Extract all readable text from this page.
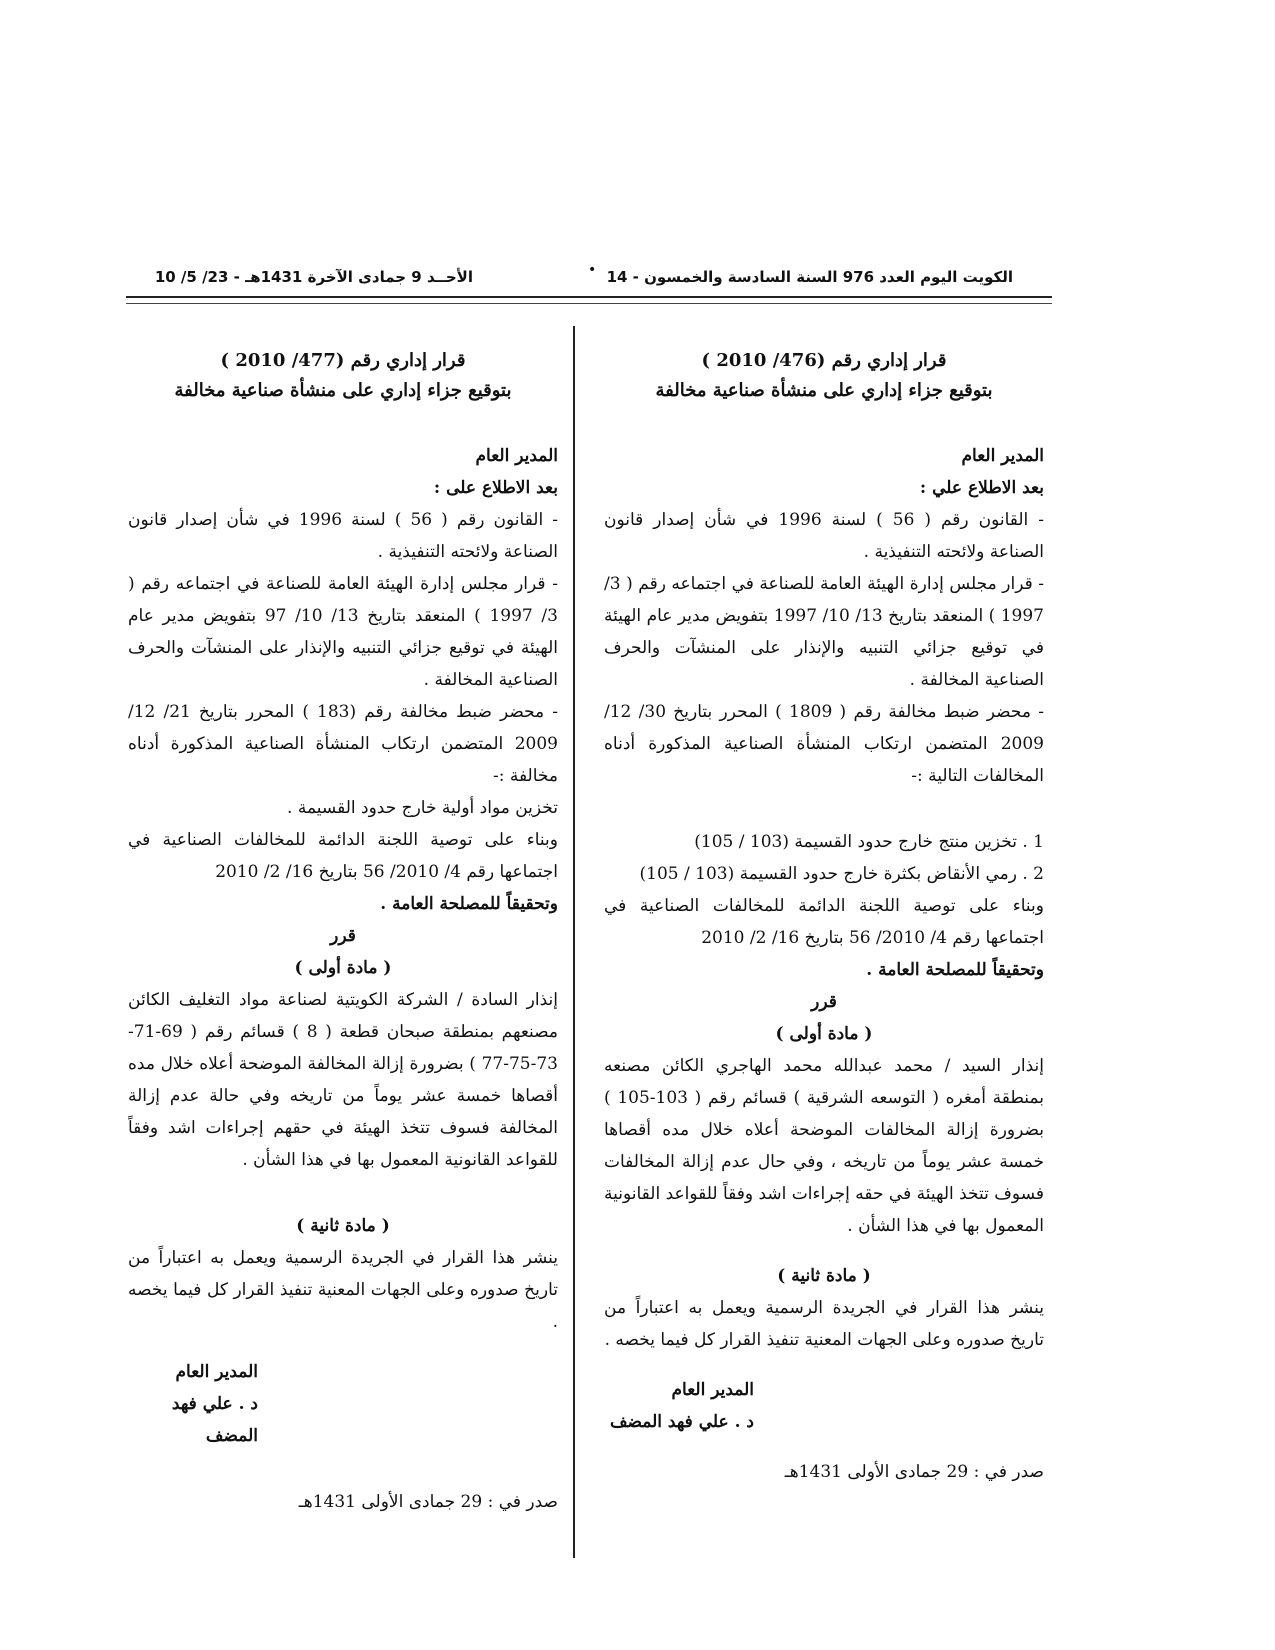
الكويت اليوم العدد 976 السنة السادسة والخمسون - 14
•
الأحــد 9 جمادى الآخرة 1431هـ - 23/ 5/ 10
قرار إداري رقم (476/ 2010 )
بتوقيع جزاء إداري على منشأة صناعية مخالفة
المدير العام
بعد الاطلاع علي :

- القانون رقم ( 56 ) لسنة 1996 في شأن إصدار قانون الصناعة ولائحته التنفيذية .

- قرار مجلس إدارة الهيئة العامة للصناعة في اجتماعه رقم ( 3/ 1997 ) المنعقد بتاريخ 13/ 10/ 1997 بتفويض مدير عام الهيئة في توقيع جزائي التنبيه والإنذار على المنشآت والحرف الصناعية المخالفة .

- محضر ضبط مخالفة رقم ( 1809 ) المحرر بتاريخ 30/ 12/ 2009 المتضمن ارتكاب المنشأة الصناعية المذكورة أدناه المخالفات التالية :-

1 . تخزين منتج خارج حدود القسيمة (103 / 105)
2 . رمي الأنقاض بكثرة خارج حدود القسيمة (103 / 105)

وبناء على توصية اللجنة الدائمة للمخالفات الصناعية في اجتماعها رقم 4/ 2010/ 56 بتاريخ 16/ 2/ 2010

وتحقيقاً للمصلحة العامة .
قرر
( مادة أولى )

إنذار السيد / محمد عبدالله محمد الهاجري الكائن مصنعه بمنطقة أمغره ( التوسعه الشرقية ) قسائم رقم ( 103-105 ) بضرورة إزالة المخالفات الموضحة أعلاه خلال مده أقصاها خمسة عشر يوماً من تاريخه ، وفي حال عدم إزالة المخالفات فسوف تتخذ الهيئة في حقه إجراءات اشد وفقاً للقواعد القانونية المعمول بها في هذا الشأن .

( مادة ثانية )

ينشر هذا القرار في الجريدة الرسمية ويعمل به اعتباراً من تاريخ صدوره وعلى الجهات المعنية تنفيذ القرار كل فيما يخصه .

المدير العام
د . علي فهد المضف
صدر في : 29 جمادى الأولى 1431هـ
قرار إداري رقم (477/ 2010 )
بتوقيع جزاء إداري على منشأة صناعية مخالفة
المدير العام
بعد الاطلاع على :

- القانون رقم ( 56 ) لسنة 1996 في شأن إصدار قانون الصناعة ولائحته التنفيذية .

- قرار مجلس إدارة الهيئة العامة للصناعة في اجتماعه رقم ( 3/ 1997 ) المنعقد بتاريخ 13/ 10/ 97 بتفويض مدير عام الهيئة في توقيع جزائي التنبيه والإنذار على المنشآت والحرف الصناعية المخالفة .

- محضر ضبط مخالفة رقم (183 ) المحرر بتاريخ 21/ 12/ 2009 المتضمن ارتكاب المنشأة الصناعية المذكورة أدناه مخالفة :-

تخزين مواد أولية خارج حدود القسيمة .

وبناء على توصية اللجنة الدائمة للمخالفات الصناعية في اجتماعها رقم 4/ 2010/ 56 بتاريخ 16/ 2/ 2010

وتحقيقاً للمصلحة العامة .
قرر
( مادة أولى )

إنذار السادة / الشركة الكويتية لصناعة مواد التغليف الكائن مصنعهم بمنطقة صبحان قطعة ( 8 ) قسائم رقم ( 69-71-73-75-77 ) بضرورة إزالة المخالفة الموضحة أعلاه خلال مده أقصاها خمسة عشر يوماً من تاريخه وفي حالة عدم إزالة المخالفة فسوف تتخذ الهيئة في حقهم إجراءات اشد وفقاً للقواعد القانونية المعمول بها في هذا الشأن .

( مادة ثانية )

ينشر هذا القرار في الجريدة الرسمية ويعمل به اعتباراً من تاريخ صدوره وعلى الجهات المعنية تنفيذ القرار كل فيما يخصه .

المدير العام
د . علي فهد المضف
صدر في : 29 جمادى الأولى 1431هـ
